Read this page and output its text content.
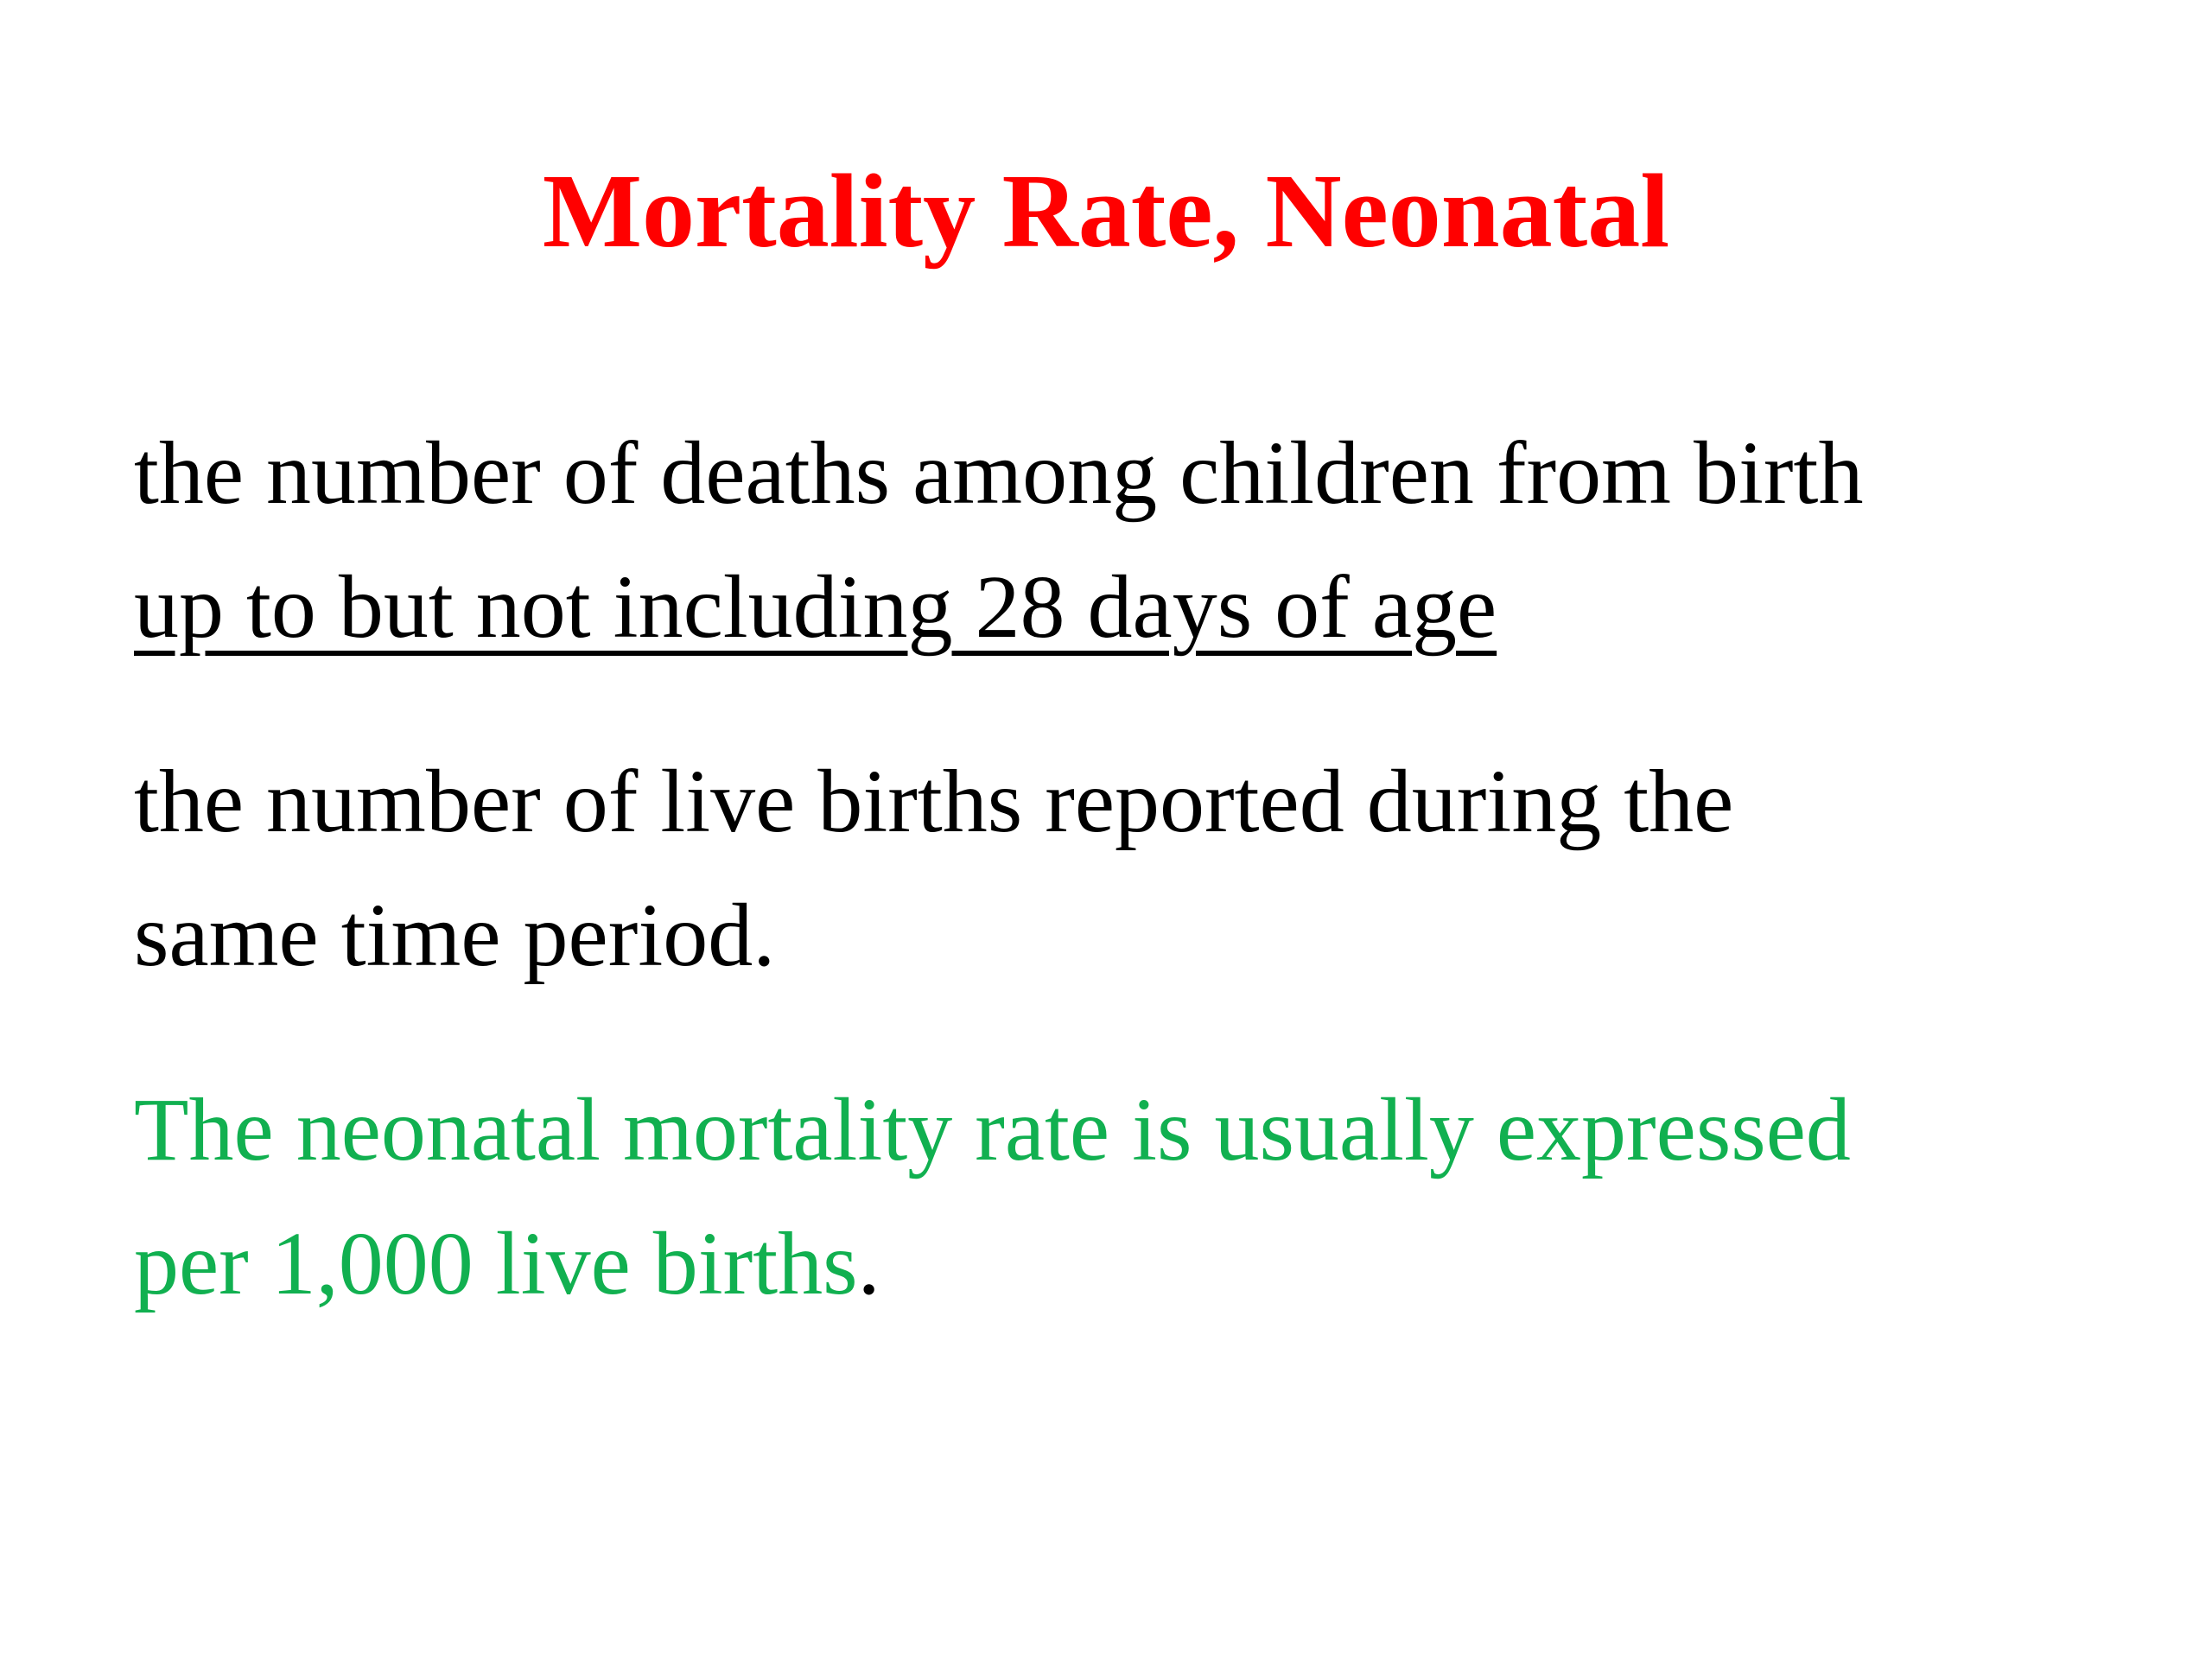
Mortality Rate, Neonatal

the number of deaths among children from birth
up to but not including 28 days of age

the number of live births reported during the
same time period.

The neonatal mortality rate is usually expressed
per 1,000 live births.
